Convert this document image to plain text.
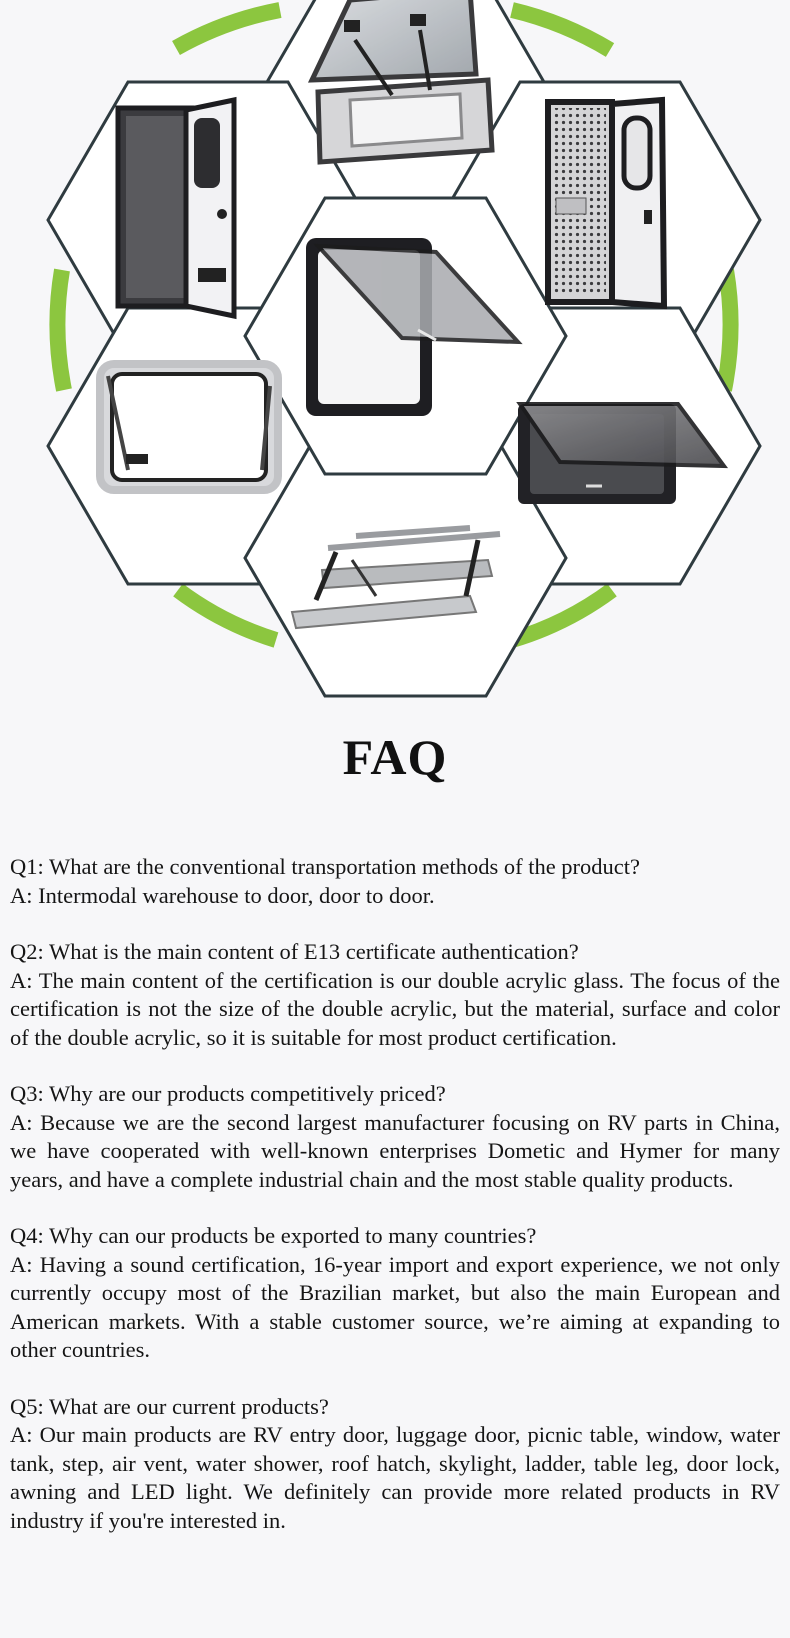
FAQ

Q1: What are the conventional transportation methods of the product?

A: Intermodal warehouse to door, door to door.

Q2: What is the main content of E13 certificate authentication?

A: The main content of the certification is our double acrylic glass. The focus of the certification is not the size of the double acrylic, but the material, surface and color of the double acrylic, so it is suitable for most product certification.

Q3: Why are our products competitively priced?

A: Because we are the second largest manufacturer focusing on RV parts in China, we have cooperated with well-known enterprises Dometic and Hymer for many years, and have a complete industrial chain and the most stable quality products.

Q4: Why can our products be exported to many countries?

A: Having a sound certification, 16-year import and export experience, we not only currently occupy most of the Brazilian market, but also the main European and American markets. With a stable customer source, we’re aiming at expanding to other countries.

Q5: What are our current products?

A: Our main products are RV entry door, luggage door, picnic table, window, water tank, step, air vent, water shower, roof hatch, skylight, ladder, table leg, door lock, awning and LED light. We definitely can provide more related products in RV industry if you're interested in.
